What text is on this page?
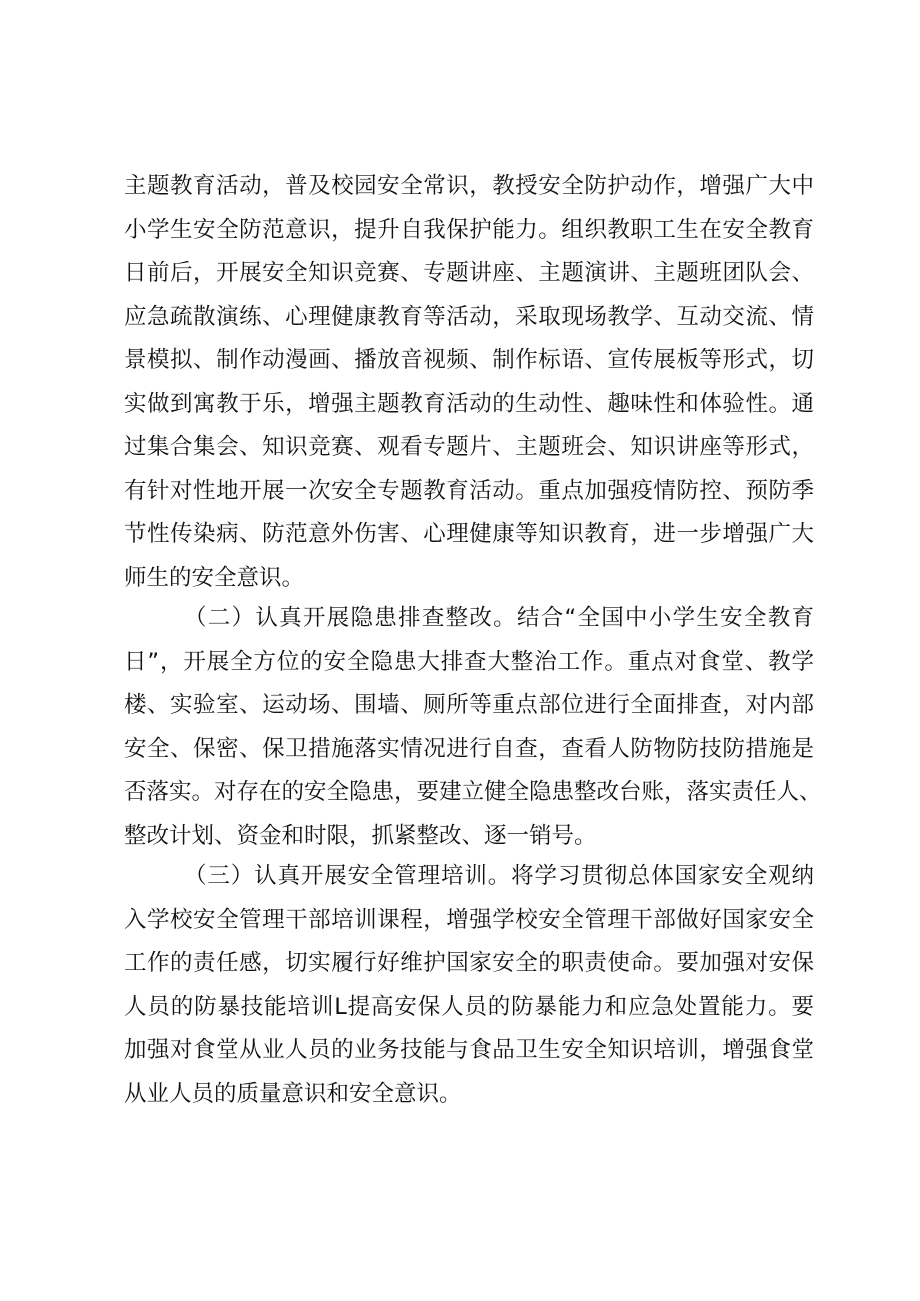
主题教育活动，普及校园安全常识，教授安全防护动作，增强广大中
小学生安全防范意识，提升自我保护能力。组织教职工生在安全教育
日前后，开展安全知识竞赛、专题讲座、主题演讲、主题班团队会、
应急疏散演练、心理健康教育等活动，采取现场教学、互动交流、情
景模拟、制作动漫画、播放音视频、制作标语、宣传展板等形式，切
实做到寓教于乐，增强主题教育活动的生动性、趣味性和体验性。通
过集合集会、知识竞赛、观看专题片、主题班会、知识讲座等形式，
有针对性地开展一次安全专题教育活动。重点加强疫情防控、预防季
节性传染病、防范意外伤害、心理健康等知识教育，进一步增强广大
师生的安全意识。
（二）认真开展隐患排查整改。结合“全国中小学生安全教育
日”，开展全方位的安全隐患大排查大整治工作。重点对食堂、教学
楼、实验室、运动场、围墙、厕所等重点部位进行全面排查，对内部
安全、保密、保卫措施落实情况进行自查，查看人防物防技防措施是
否落实。对存在的安全隐患，要建立健全隐患整改台账，落实责任人、
整改计划、资金和时限，抓紧整改、逐一销号。
（三）认真开展安全管理培训。将学习贯彻总体国家安全观纳
入学校安全管理干部培训课程，增强学校安全管理干部做好国家安全
工作的责任感，切实履行好维护国家安全的职责使命。要加强对安保
人员的防暴技能培训L提高安保人员的防暴能力和应急处置能力。要
加强对食堂从业人员的业务技能与食品卫生安全知识培训，增强食堂
从业人员的质量意识和安全意识。
